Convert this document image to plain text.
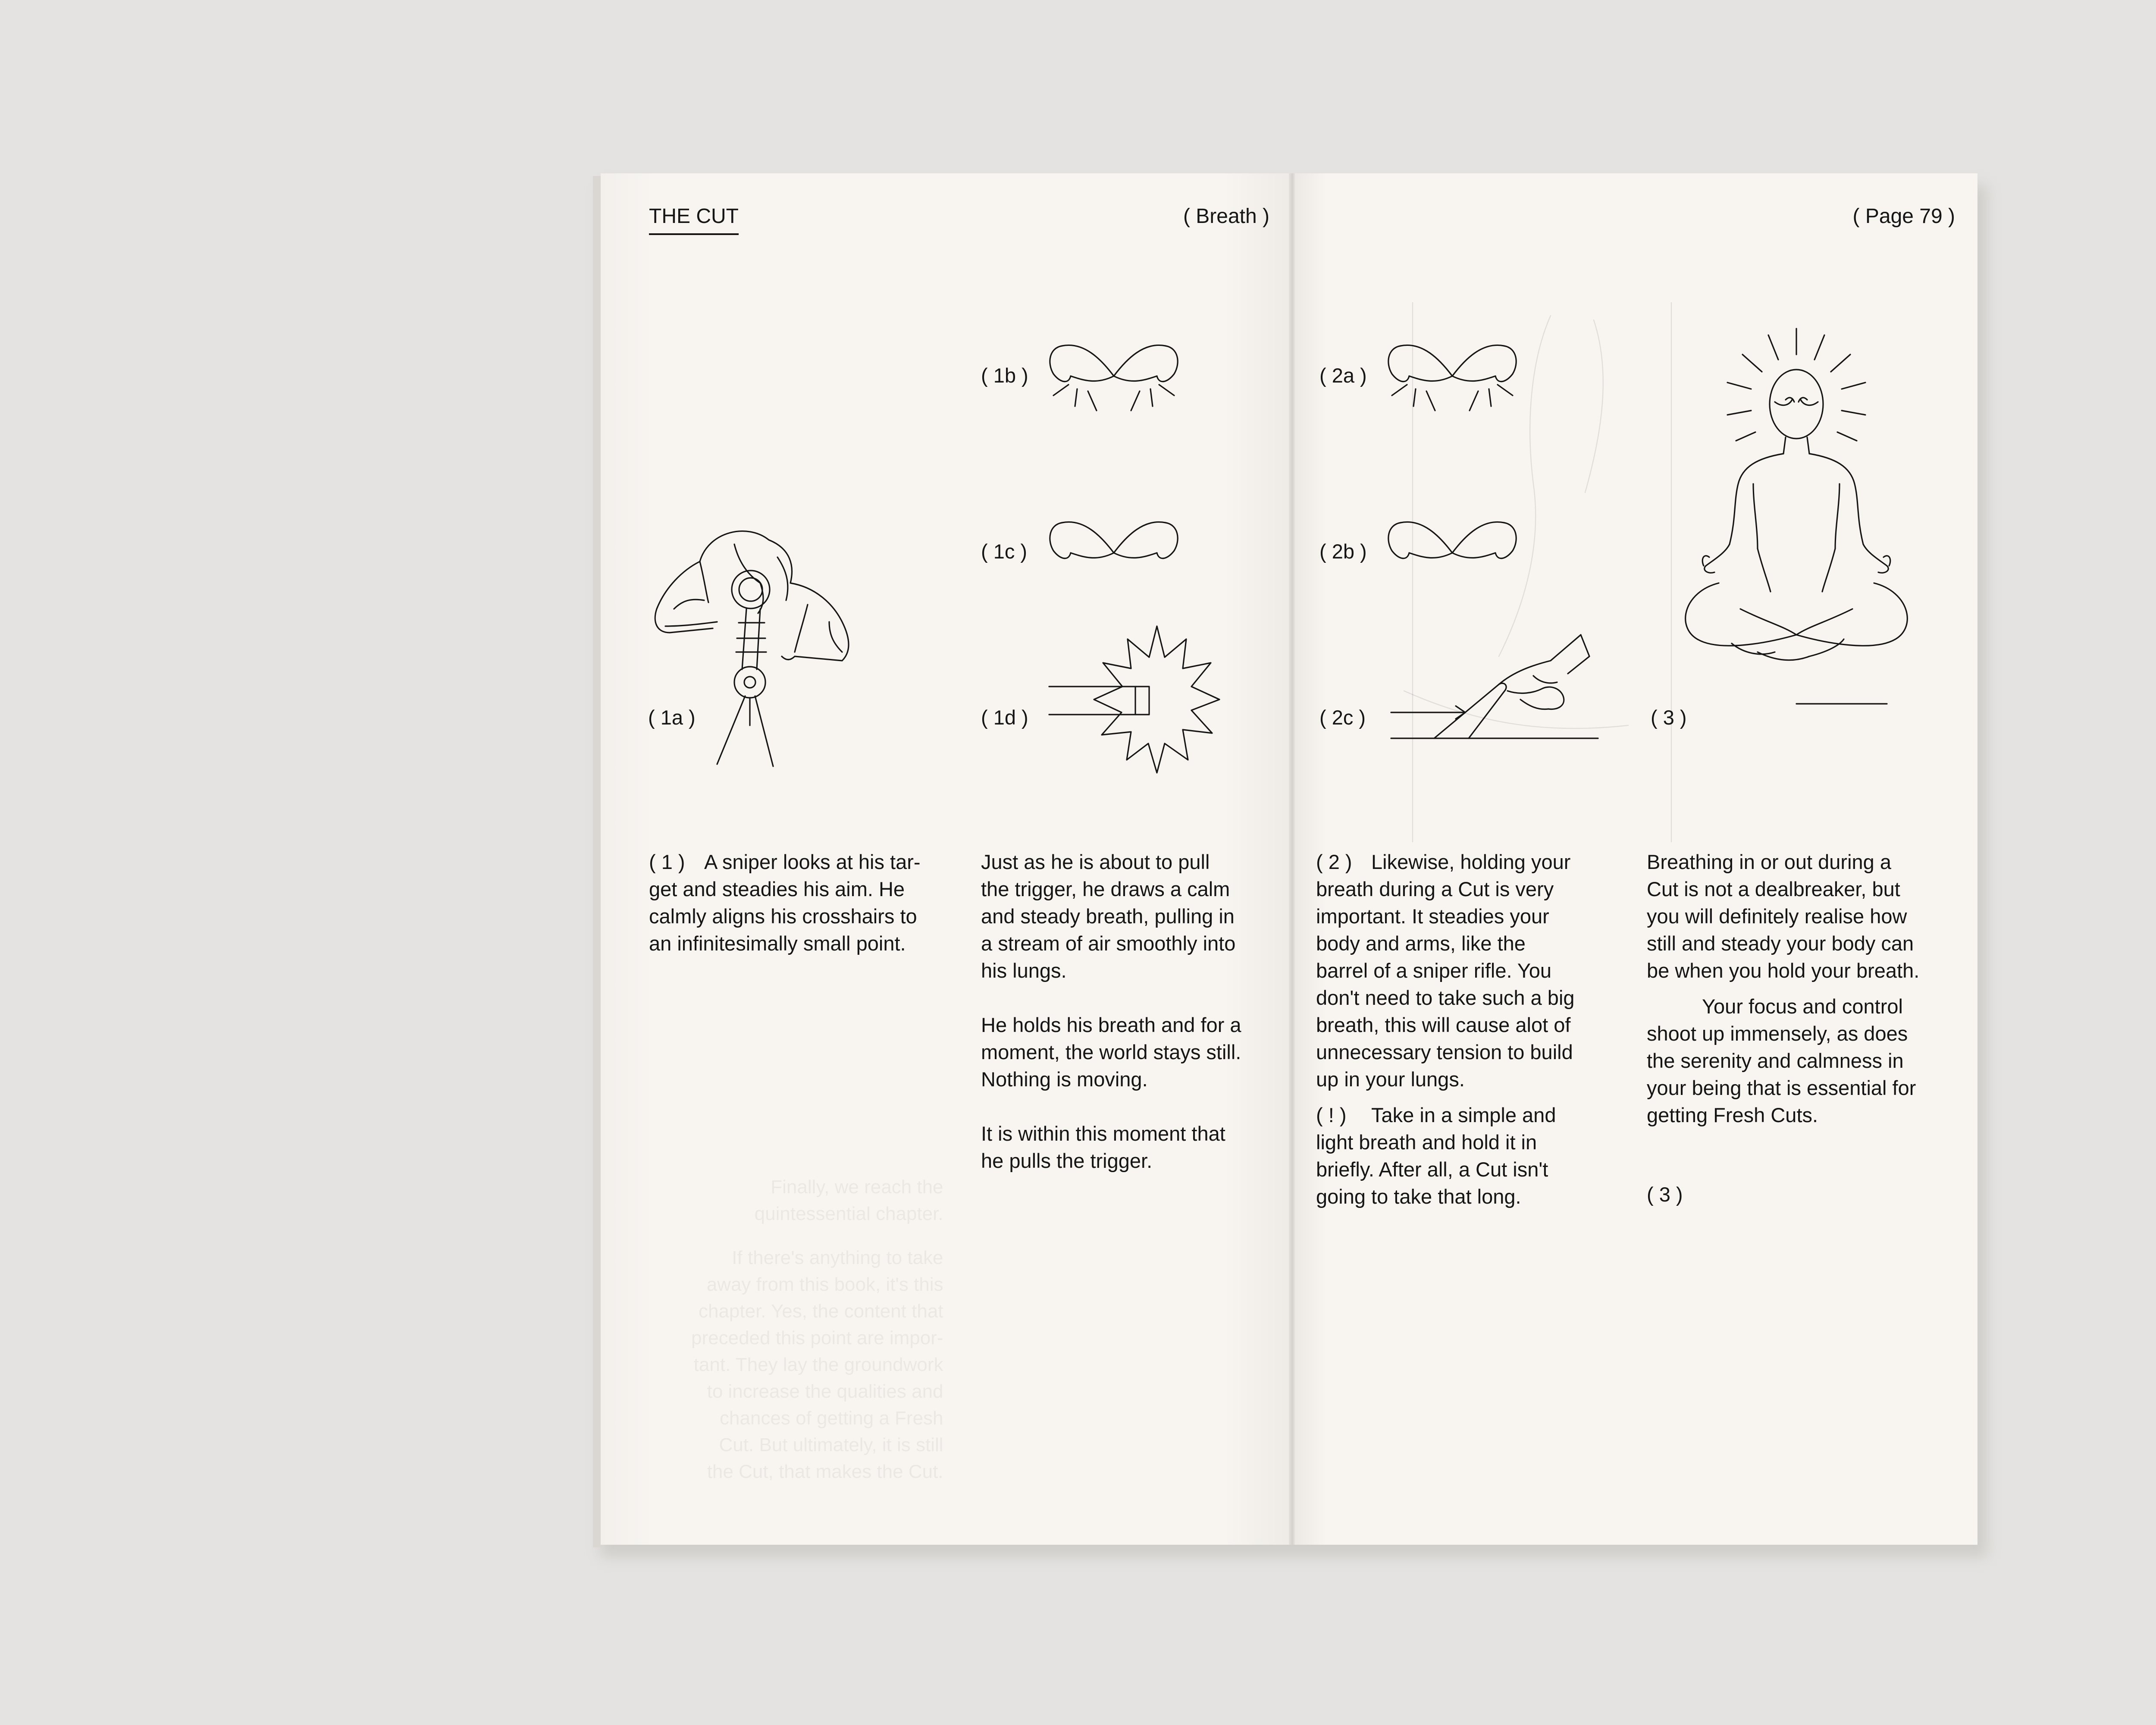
THE CUT	( Breath )
Finally, we reach the
quintessential chapter.
If there's anything to take
away from this book, it's this
chapter. Yes, the content that
preceded this point are impor-
tant. They lay the groundwork
to increase the qualities and
chances of getting a Fresh
Cut. But ultimately, it is still
the Cut, that makes the Cut.
( 1a )
( 1b )
( 1c )
( 1d )
( 1 ) A sniper looks at his tar-
get and steadies his aim. He
calmly aligns his crosshairs to
an infinitesimally small point.
Just as he is about to pull
the trigger, he draws a calm
and steady breath, pulling in
a stream of air smoothly into
his lungs.
He holds his breath and for a
moment, the world stays still.
Nothing is moving.
It is within this moment that
he pulls the trigger.
( Page 79 )
( 2a )
( 2b )
( 2c )	( 3 )
( 2 ) Likewise, holding your
breath during a Cut is very
important. It steadies your
body and arms, like the
barrel of a sniper rifle. You
don't need to take such a big
breath, this will cause alot of
unnecessary tension to build
up in your lungs.
Take in a simple and
light breath and hold it in
briefly. After all, a Cut isn't
going to take that long.
( ! )
Breathing in or out during a
Cut is not a dealbreaker, but
you will definitely realise how
still and steady your body can
be when you hold your breath.
Your focus and control
shoot up immensely, as does
the serenity and calmness in
your being that is essential for
getting Fresh Cuts.
( 3 )
